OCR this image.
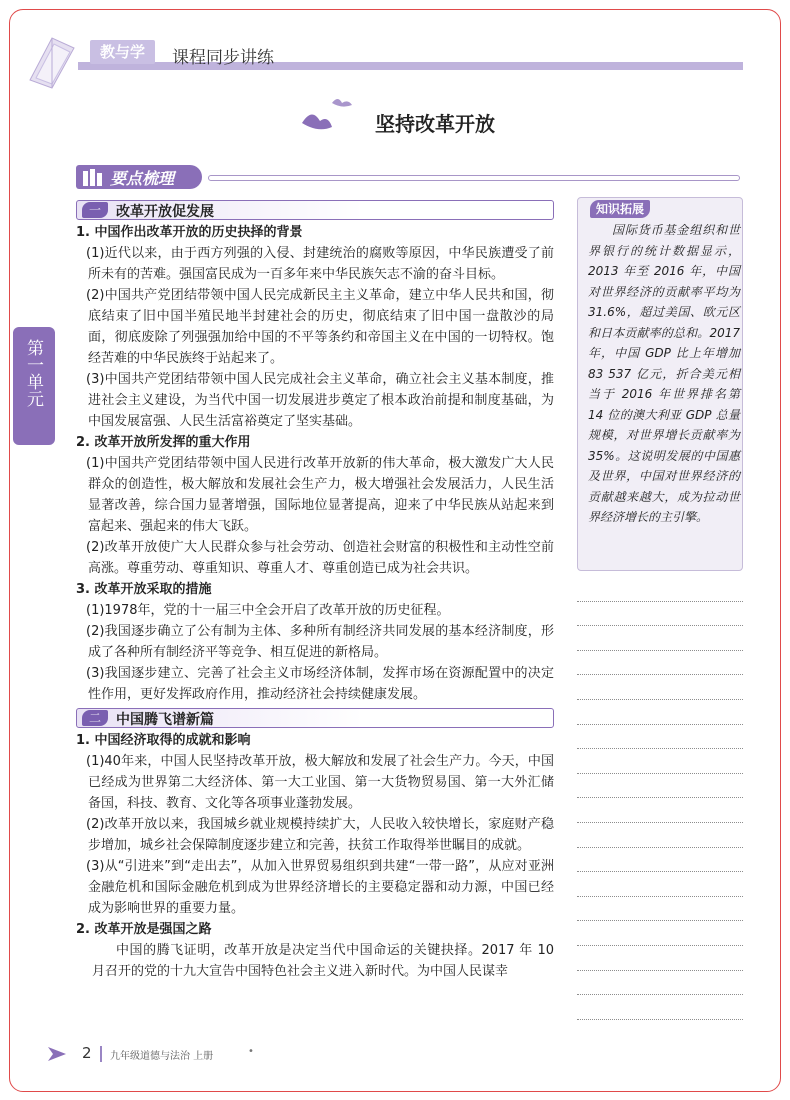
教与学	课程同步讲练
坚持改革开放
要点梳理
第一单元
一	改革开放促发展
1. 中国作出改革开放的历史抉择的背景
(1)近代以来，由于西方列强的入侵、封建统治的腐败等原因，中华民族遭受了前所未有的苦难。强国富民成为一百多年来中华民族矢志不渝的奋斗目标。
(2)中国共产党团结带领中国人民完成新民主主义革命，建立中华人民共和国，彻底结束了旧中国半殖民地半封建社会的历史，彻底结束了旧中国一盘散沙的局面，彻底废除了列强强加给中国的不平等条约和帝国主义在中国的一切特权。饱经苦难的中华民族终于站起来了。
(3)中国共产党团结带领中国人民完成社会主义革命，确立社会主义基本制度，推进社会主义建设，为当代中国一切发展进步奠定了根本政治前提和制度基础，为中国发展富强、人民生活富裕奠定了坚实基础。
2. 改革开放所发挥的重大作用
(1)中国共产党团结带领中国人民进行改革开放新的伟大革命，极大激发广大人民群众的创造性，极大解放和发展社会生产力，极大增强社会发展活力，人民生活显著改善，综合国力显著增强，国际地位显著提高，迎来了中华民族从站起来到富起来、强起来的伟大飞跃。
(2)改革开放使广大人民群众参与社会劳动、创造社会财富的积极性和主动性空前高涨。尊重劳动、尊重知识、尊重人才、尊重创造已成为社会共识。
3. 改革开放采取的措施
(1)1978年，党的十一届三中全会开启了改革开放的历史征程。
(2)我国逐步确立了公有制为主体、多种所有制经济共同发展的基本经济制度，形成了各种所有制经济平等竞争、相互促进的新格局。
(3)我国逐步建立、完善了社会主义市场经济体制，发挥市场在资源配置中的决定性作用，更好发挥政府作用，推动经济社会持续健康发展。
二	中国腾飞谱新篇
1. 中国经济取得的成就和影响
(1)40年来，中国人民坚持改革开放，极大解放和发展了社会生产力。今天，中国已经成为世界第二大经济体、第一大工业国、第一大货物贸易国、第一大外汇储备国，科技、教育、文化等各项事业蓬勃发展。
(2)改革开放以来，我国城乡就业规模持续扩大，人民收入较快增长，家庭财产稳步增加，城乡社会保障制度逐步建立和完善，扶贫工作取得举世瞩目的成就。
(3)从“引进来”到“走出去”，从加入世界贸易组织到共建“一带一路”，从应对亚洲金融危机和国际金融危机到成为世界经济增长的主要稳定器和动力源，中国已经成为影响世界的重要力量。
2. 改革开放是强国之路
中国的腾飞证明，改革开放是决定当代中国命运的关键抉择。2017 年 10 月召开的党的十九大宣告中国特色社会主义进入新时代。为中国人民谋幸
知识拓展
国际货币基金组织和世界银行的统计数据显示，2013 年至 2016 年，中国对世界经济的贡献率平均为 31.6%，超过美国、欧元区和日本贡献率的总和。2017 年，中国 GDP 比上年增加 83 537 亿元，折合美元相当于 2016 年世界排名第 14 位的澳大利亚 GDP 总量规模，对世界增长贡献率为 35%。这说明发展的中国惠及世界，中国对世界经济的贡献越来越大，成为拉动世界经济增长的主引擎。
2 九年级道德与法治 上册	•
